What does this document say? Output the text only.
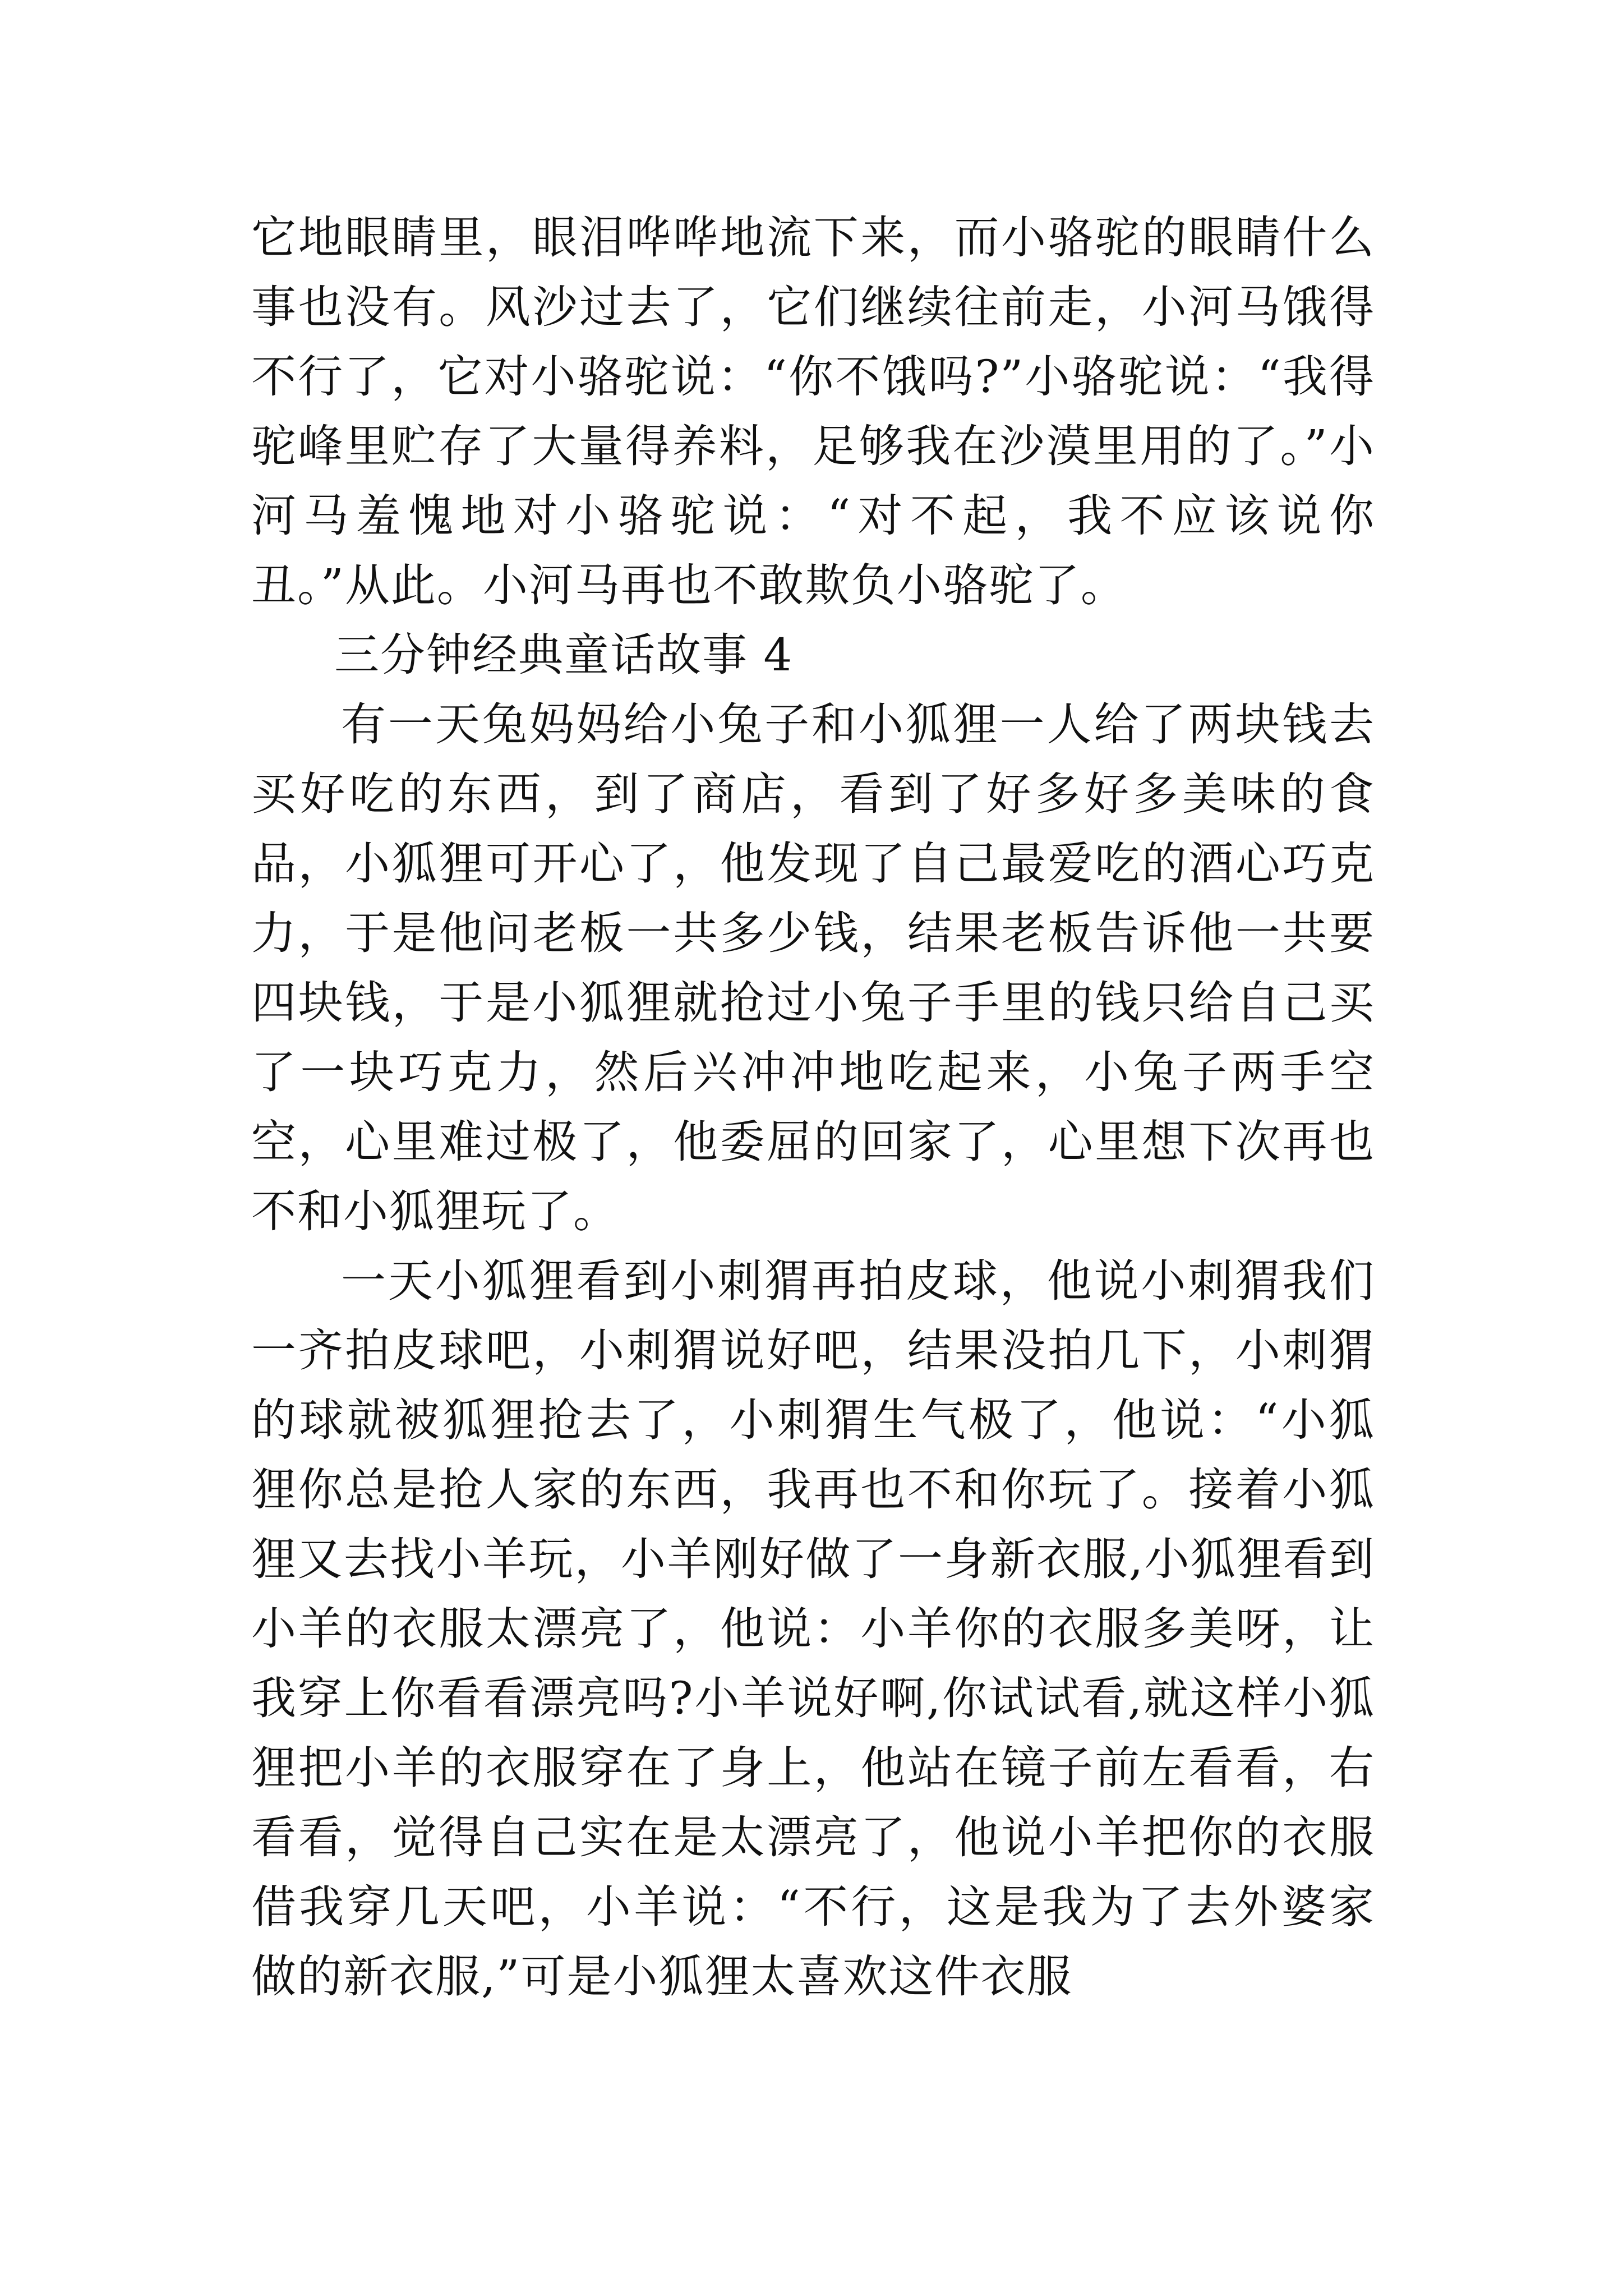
它地眼睛里，眼泪哗哗地流下来，而小骆驼的眼睛什么事也没有。风沙过去了，它们继续往前走，小河马饿得不行了，它对小骆驼说：“你不饿吗?”小骆驼说：“我得驼峰里贮存了大量得养料，足够我在沙漠里用的了。”小河马羞愧地对小骆驼说：“对不起，我不应该说你丑。”从此。小河马再也不敢欺负小骆驼了。

三分钟经典童话故事 4

有一天兔妈妈给小兔子和小狐狸一人给了两块钱去买好吃的东西，到了商店，看到了好多好多美味的食品，小狐狸可开心了，他发现了自己最爱吃的酒心巧克力，于是他问老板一共多少钱，结果老板告诉他一共要四块钱，于是小狐狸就抢过小兔子手里的钱只给自己买了一块巧克力，然后兴冲冲地吃起来，小兔子两手空空，心里难过极了，他委屈的回家了，心里想下次再也不和小狐狸玩了。

一天小狐狸看到小刺猬再拍皮球，他说小刺猬我们一齐拍皮球吧，小刺猬说好吧，结果没拍几下，小刺猬的球就被狐狸抢去了，小刺猬生气极了，他说：“小狐狸你总是抢人家的东西，我再也不和你玩了。接着小狐狸又去找小羊玩，小羊刚好做了一身新衣服,小狐狸看到小羊的衣服太漂亮了，他说：小羊你的衣服多美呀，让我穿上你看看漂亮吗?小羊说好啊,你试试看,就这样小狐狸把小羊的衣服穿在了身上，他站在镜子前左看看，右看看，觉得自己实在是太漂亮了，他说小羊把你的衣服借我穿几天吧，小羊说：“不行，这是我为了去外婆家做的新衣服,”可是小狐狸太喜欢这件衣服
